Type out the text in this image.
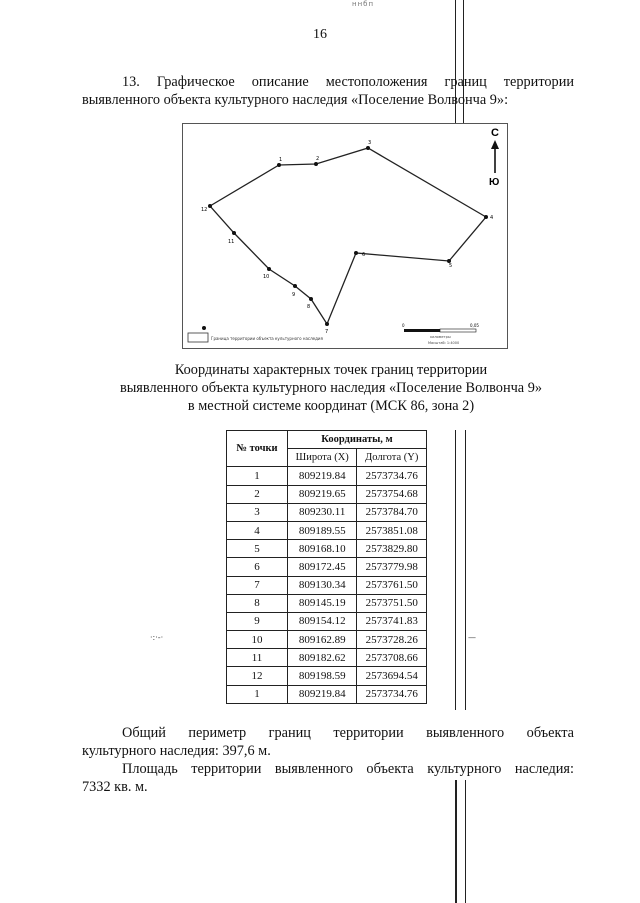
·:·-·	—
ннбп
16
13. Графическое описание местоположения границ территории
выявленного объекта культурного наследия «Поселение Волвонча 9»:
1	2
3
4
5
6
7
8
9
10
11
12
С
Ю
Граница территории объекта культурного наследия
0	0,05
километры
Масштаб: 1:4000
Координаты характерных точек границ территории
выявленного объекта культурного наследия «Поселение Волвонча 9»
в местной системе координат (МСК 86, зона 2)
№ точки	Координаты, м	
	Широта (X)	Долгота (Y)
1	809219.84	2573734.76
2	809219.65	2573754.68
3	809230.11	2573784.70
4	809189.55	2573851.08
5	809168.10	2573829.80
6	809172.45	2573779.98
7	809130.34	2573761.50
8	809145.19	2573751.50
9	809154.12	2573741.83
10	809162.89	2573728.26
11	809182.62	2573708.66
12	809198.59	2573694.54
1	809219.84	2573734.76
Общий периметр границ территории выявленного объекта
культурного наследия: 397,6 м.
Площадь территории выявленного объекта культурного наследия:
7332 кв. м.
